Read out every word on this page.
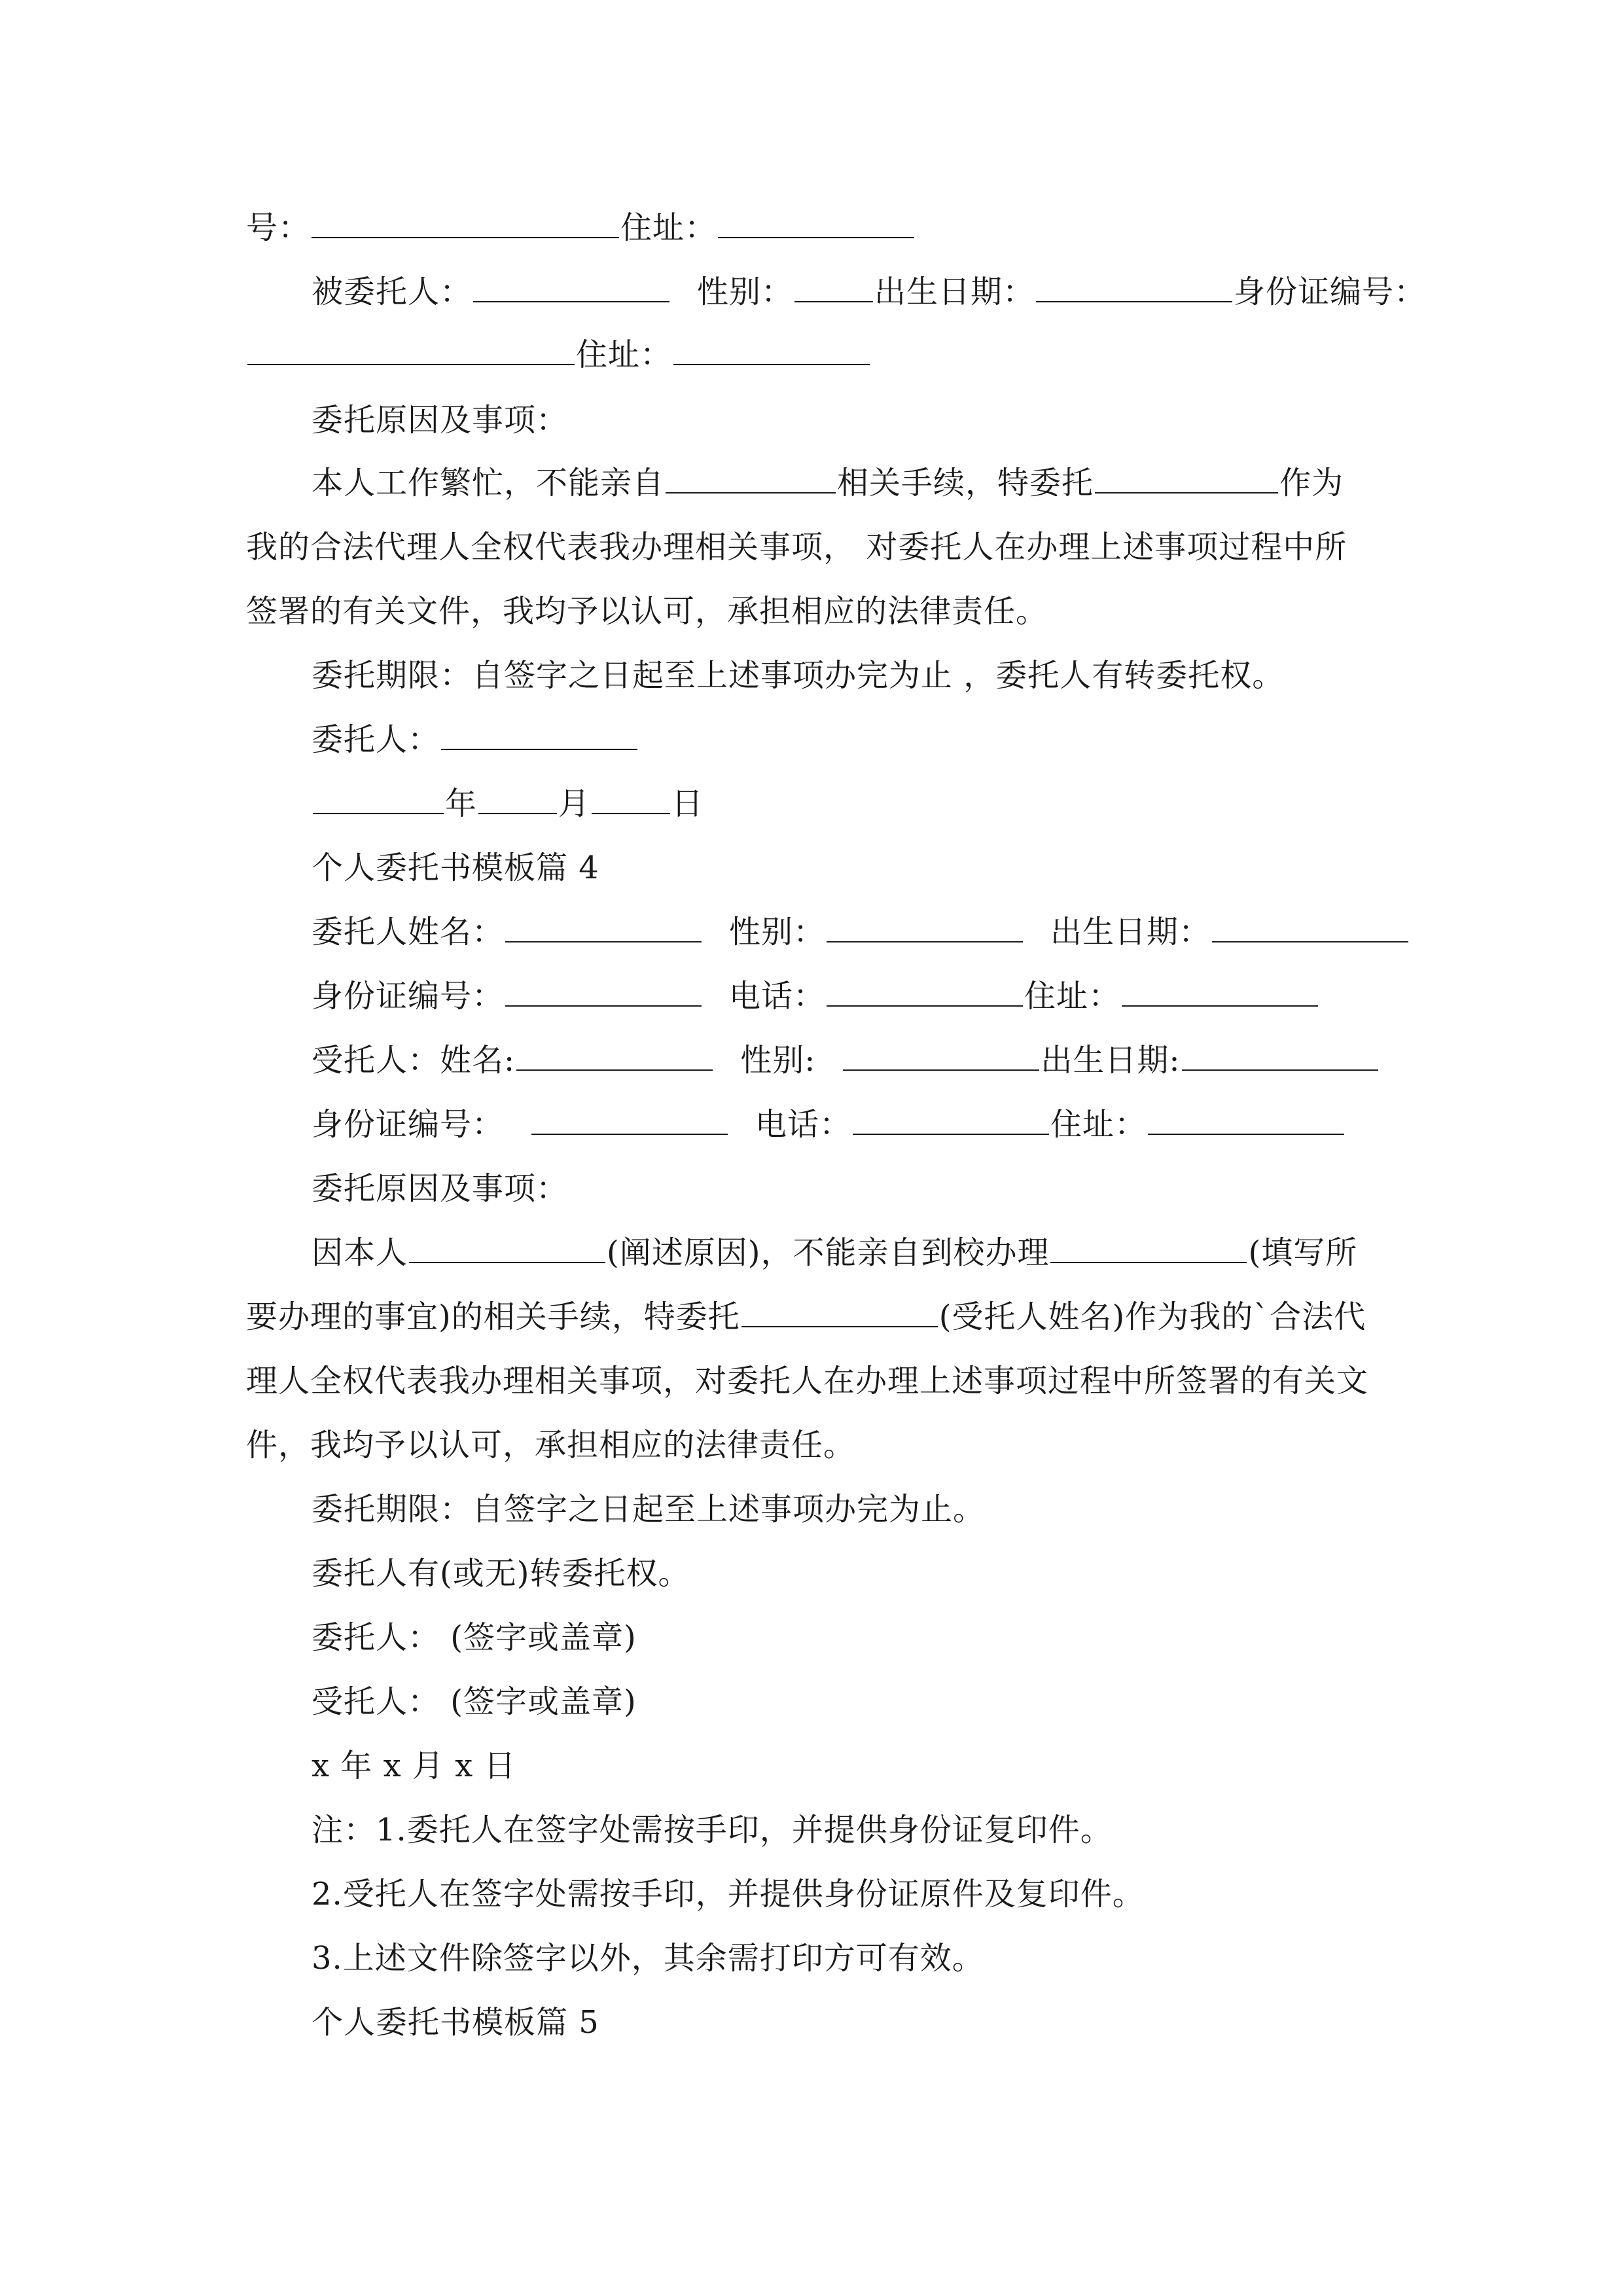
号：	住址：
被委托人：	性别：	出生日期：	身份证编号：
住址：
委托原因及事项：
本人工作繁忙，不能亲自	相关手续，特委托	作为
我的合法代理人全权代表我办理相关事项， 对委托人在办理上述事项过程中所
签署的有关文件，我均予以认可，承担相应的法律责任。
委托期限：自签字之日起至上述事项办完为止 ，委托人有转委托权。
委托人：
年	月	日
个人委托书模板篇 4
委托人姓名：	性别：	出生日期：
身份证编号：	电话：	住址：
受托人：姓名:	性别:	出生日期:
身份证编号：	电话：	住址：
委托原因及事项：
因本人	(阐述原因)，不能亲自到校办理	(填写所
要办理的事宜)的相关手续，特委托	(受托人姓名)作为我的`合法代
理人全权代表我办理相关事项，对委托人在办理上述事项过程中所签署的有关文
件，我均予以认可，承担相应的法律责任。
委托期限：自签字之日起至上述事项办完为止。
委托人有(或无)转委托权。
委托人： (签字或盖章)
受托人： (签字或盖章)
x 年 x 月 x 日
注：1.委托人在签字处需按手印，并提供身份证复印件。
2.受托人在签字处需按手印，并提供身份证原件及复印件。
3.上述文件除签字以外，其余需打印方可有效。
个人委托书模板篇 5
